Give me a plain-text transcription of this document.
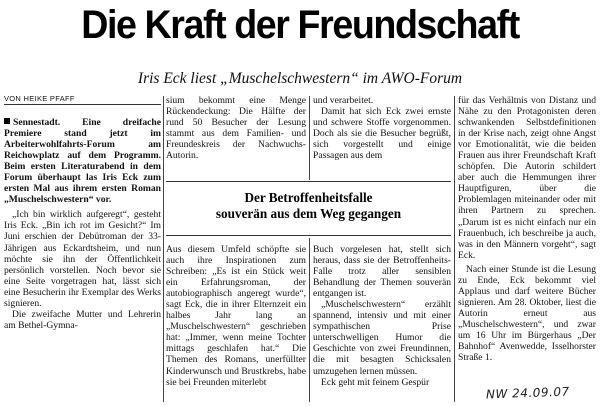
Die Kraft der Freundschaft
Iris Eck liest „Muschelschwestern“ im AWO-Forum
VON HEIKE PFAFF

Sennestadt. Eine dreifache Premiere stand jetzt im Arbeiterwohlfahrts-Forum am Reichowplatz auf dem Programm. Beim ersten Literaturabend in dem Forum überhaupt las Iris Eck zum ersten Mal aus ihrem ersten Roman „Muschelschwestern“ vor.

„Ich bin wirklich aufgeregt“, gesteht Iris Eck. „Bin ich rot im Gesicht?“ Im Juni erschien der Debütroman der 33-Jährigen aus Eckardtsheim, und nun möchte sie ihn der Öffentlichkeit persönlich vorstellen. Noch bevor sie eine Seite vorgetragen hat, lässt sich eine Besucherin ihr Exemplar des Werks signieren.

Die zweifache Mutter und Lehrerin am Bethel-Gymna-

sium bekommt eine Menge Rückendeckung: Die Hälfte der rund 50 Besucher der Lesung stammt aus dem Familien- und Freundeskreis der Nachwuchs-Autorin.

und verarbeitet.

Damit hat sich Eck zwei ernste und schwere Stoffe vorgenommen. Doch als sie die Besucher begrüßt, sich vorgestellt und einige Passagen aus dem

für das Verhältnis von Distanz und Nähe zu den Protagonisten deren schwankenden Selbstdefinitionen in der Krise nach, zeigt ohne Angst vor Emotionalität, wie die beiden Frauen aus ihrer Freundschaft Kraft schöpfen. Die Autorin schildert aber auch die Hemmungen ihrer Hauptfiguren, über die Problemlagen miteinander oder mit ihren Partnern zu sprechen. „Darum ist es nicht einfach nur ein Frauenbuch, ich beschreibe ja auch, was in den Männern vorgeht“, sagt Eck.

Nach einer Stunde ist die Lesung zu Ende, Eck bekommt viel Applaus und darf weitere Bücher signieren. Am 28. Oktober, liest die Autorin erneut aus „Muschelschwestern“, und zwar um 16 Uhr im Bürgerhaus „Der Bahnhof“ Avenwedde, Isselhorster Straße 1.

Der Betroffenheitsfalle
souverän aus dem Weg gegangen

Aus diesem Umfeld schöpfte sie auch ihre Inspirationen zum Schreiben: „Es ist ein Stück weit ein Erfahrungsroman, der autobiographisch angeregt wurde“, sagt Eck, die in ihrer Elternzeit ein halbes Jahr lang an „Muschelschwestern“ geschrieben hat: „Immer, wenn meine Tochter mittags geschlafen hat.“ Die Themen des Romans, unerfüllter Kinderwunsch und Brustkrebs, habe sie bei Freunden miterlebt

Buch vorgelesen hat, stellt sich heraus, dass sie der Betroffenheits-Falle trotz aller sensiblen Behandlung der Themen souverän entgangen ist.

„Muschelschwestern“ erzählt spannend, intensiv und mit einer sympathischen Prise unterschwelligen Humor die Geschichte von zwei Freundinnen, die mit besagten Schicksalen umzugehen lernen müssen.

Eck geht mit feinem Gespür

NW 24.09.07
